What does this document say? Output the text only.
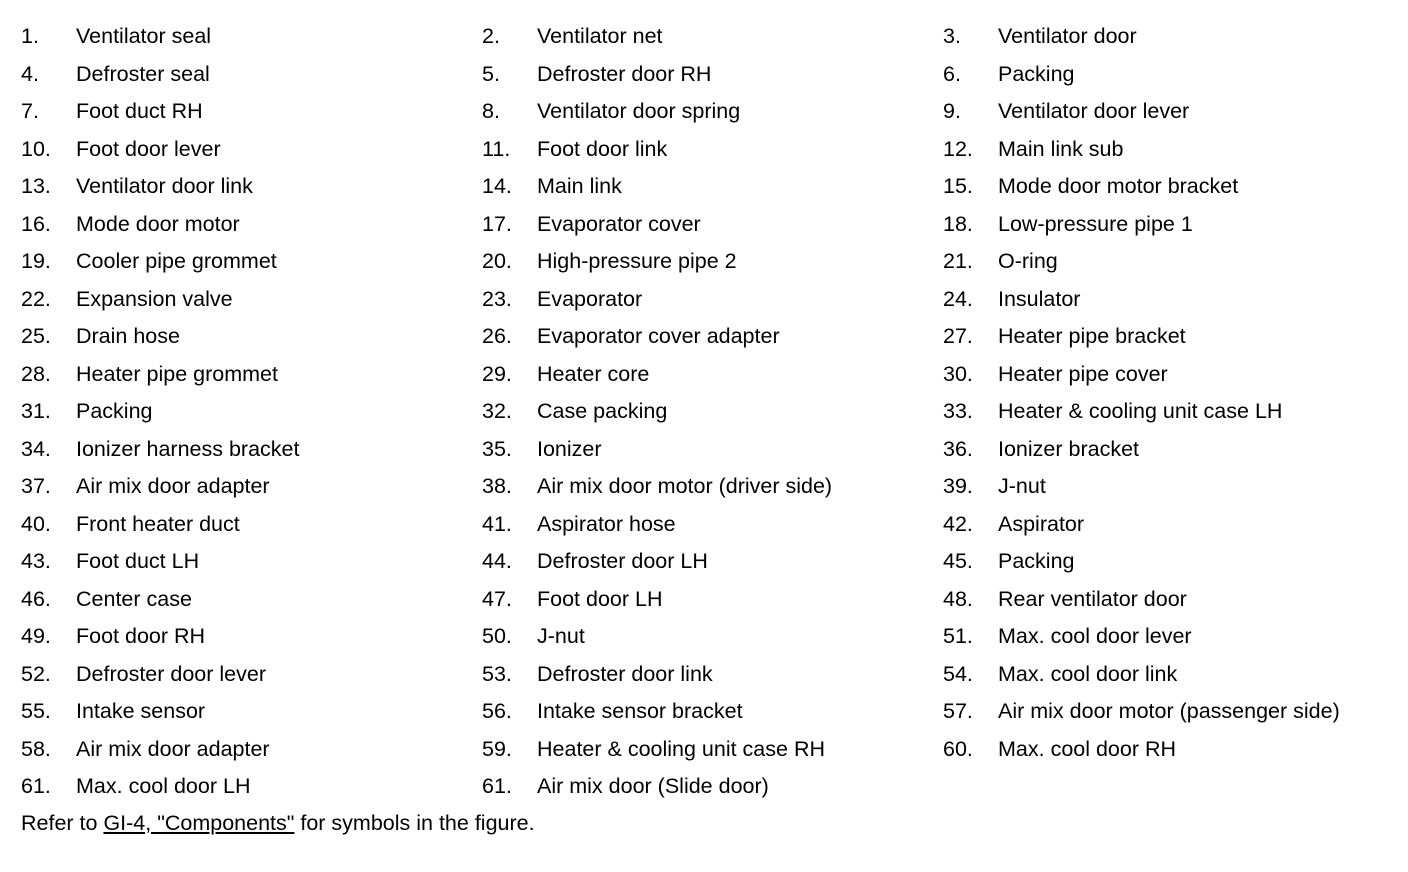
1. Ventilator seal	2. Ventilator net	3. Ventilator door
4. Defroster seal	5. Defroster door RH	6. Packing
7. Foot duct RH	8. Ventilator door spring	9. Ventilator door lever
10. Foot door lever	11. Foot door link	12. Main link sub
13. Ventilator door link	14. Main link	15. Mode door motor bracket
16. Mode door motor	17. Evaporator cover	18. Low-pressure pipe 1
19. Cooler pipe grommet	20. High-pressure pipe 2	21. O-ring
22. Expansion valve	23. Evaporator	24. Insulator
25. Drain hose	26. Evaporator cover adapter	27. Heater pipe bracket
28. Heater pipe grommet	29. Heater core	30. Heater pipe cover
31. Packing	32. Case packing	33. Heater & cooling unit case LH
34. Ionizer harness bracket	35. Ionizer	36. Ionizer bracket
37. Air mix door adapter	38. Air mix door motor (driver side)	39. J-nut
40. Front heater duct	41. Aspirator hose	42. Aspirator
43. Foot duct LH	44. Defroster door LH	45. Packing
46. Center case	47. Foot door LH	48. Rear ventilator door
49. Foot door RH	50. J-nut	51. Max. cool door lever
52. Defroster door lever	53. Defroster door link	54. Max. cool door link
55. Intake sensor	56. Intake sensor bracket	57. Air mix door motor (passenger side)
58. Air mix door adapter	59. Heater & cooling unit case RH	60. Max. cool door RH
61. Max. cool door LH	61. Air mix door (Slide door)
Refer to GI-4, "Components" for symbols in the figure.
